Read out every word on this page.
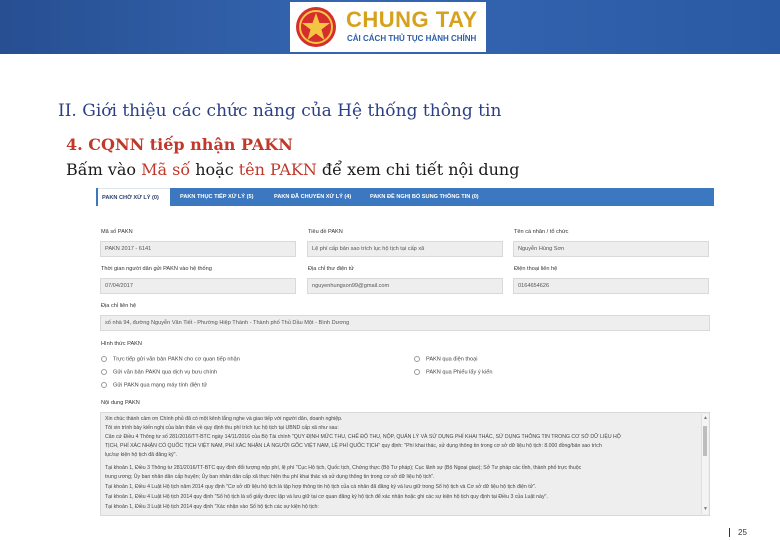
CHUNG TAY
CẢI CÁCH THỦ TỤC HÀNH CHÍNH
II. Giới thiệu các chức năng của Hệ thống thông tin
4. CQNN tiếp nhận PAKN
Bấm vào Mã số hoặc tên PAKN để xem chi tiết nội dung
PAKN CHỜ XỬ LÝ (0)	PAKN THỤC TIẾP XỬ LÝ (5)	PAKN ĐÃ CHUYỂN XỬ LÝ (4)	PAKN ĐỀ NGHỊ BỔ SUNG THÔNG TIN (0)
Mã số PAKN
PAKN 2017 - 6141
Tiêu đề PAKN
Lệ phí cấp bản sao trích lục hộ tịch tại cấp xã
Tên cá nhân / tổ chức
Nguyễn Hùng Sơn
Thời gian người dân gửi PAKN vào hệ thống
07/04/2017
Địa chỉ thư điện tử
nguyenhungson99@gmail.com
Điện thoại liên hệ
0164654626
Địa chỉ liên hệ
số nhà 94, đường Nguyễn Văn Tiết - Phường Hiệp Thành - Thành phố Thủ Dầu Một - Bình Dương
Hình thức PAKN
Trực tiếp gửi văn bản PAKN cho cơ quan tiếp nhận
Gửi văn bản PAKN qua dịch vụ bưu chính
Gửi PAKN qua mạng máy tính điện tử
PAKN qua điện thoại
PAKN qua Phiếu lấy ý kiến
Nội dung PAKN
Xin chúc thành cảm ơn Chính phủ đã có một kênh lắng nghe và giao tiếp với người dân, doanh nghiệp.
Tôi xin trình bày kiến nghị của bản thân về quy định thu phí trích lục hộ tịch tại UBND cấp xã như sau:
Căn cứ Điều 4 Thông tư số 281/2016/TT-BTC ngày 14/11/2016 của Bộ Tài chính "QUY ĐỊNH MỨC THU, CHẾ ĐỘ THU, NỘP, QUẢN LÝ VÀ SỬ DỤNG PHÍ KHAI THÁC, SỬ DỤNG THÔNG TIN TRONG CƠ SỞ DỮ LIỆU HỘ
TỊCH, PHÍ XÁC NHẬN CÓ QUỐC TỊCH VIỆT NAM, PHÍ XÁC NHẬN LÀ NGƯỜI GỐC VIỆT NAM, LỆ PHÍ QUỐC TỊCH" quy định: "Phí khai thác, sử dụng thông tin trong cơ sở dữ liệu hộ tịch: 8.000 đồng/bản sao trích
lục/sự kiện hộ tịch đã đăng ký".
Tại khoản 1, Điều 3 Thông tư 281/2016/TT-BTC quy định đối tượng nộp phí, lệ phí "Cục Hộ tịch, Quốc tịch, Chứng thực (Bộ Tư pháp); Cục lãnh sự (Bộ Ngoại giao); Sở Tư pháp các tỉnh, thành phố trực thuộc
trung ương; Ủy ban nhân dân cấp huyện; Ủy ban nhân dân cấp xã thực hiện thu phí khai thác và sử dụng thông tin trong cơ sở dữ liệu hộ tịch".
Tại khoản 1, Điều 4 Luật Hộ tịch năm 2014 quy định "Cơ sở dữ liệu hộ tịch là tập hợp thông tin hộ tịch của cá nhân đã đăng ký và lưu giữ trong Sổ hộ tịch và Cơ sở dữ liệu hộ tịch điện tử".
Tại khoản 1, Điều 4 Luật Hộ tịch 2014 quy định "Sổ hộ tịch là sổ giấy được lập và lưu giữ tại cơ quan đăng ký hộ tịch để xác nhận hoặc ghi các sự kiện hộ tịch quy định tại Điều 3 của Luật này".
Tại khoản 1, Điều 3 Luật Hộ tịch 2014 quy định "Xác nhận vào Sổ hộ tịch các sự kiện hộ tịch:
▲
▼
25
